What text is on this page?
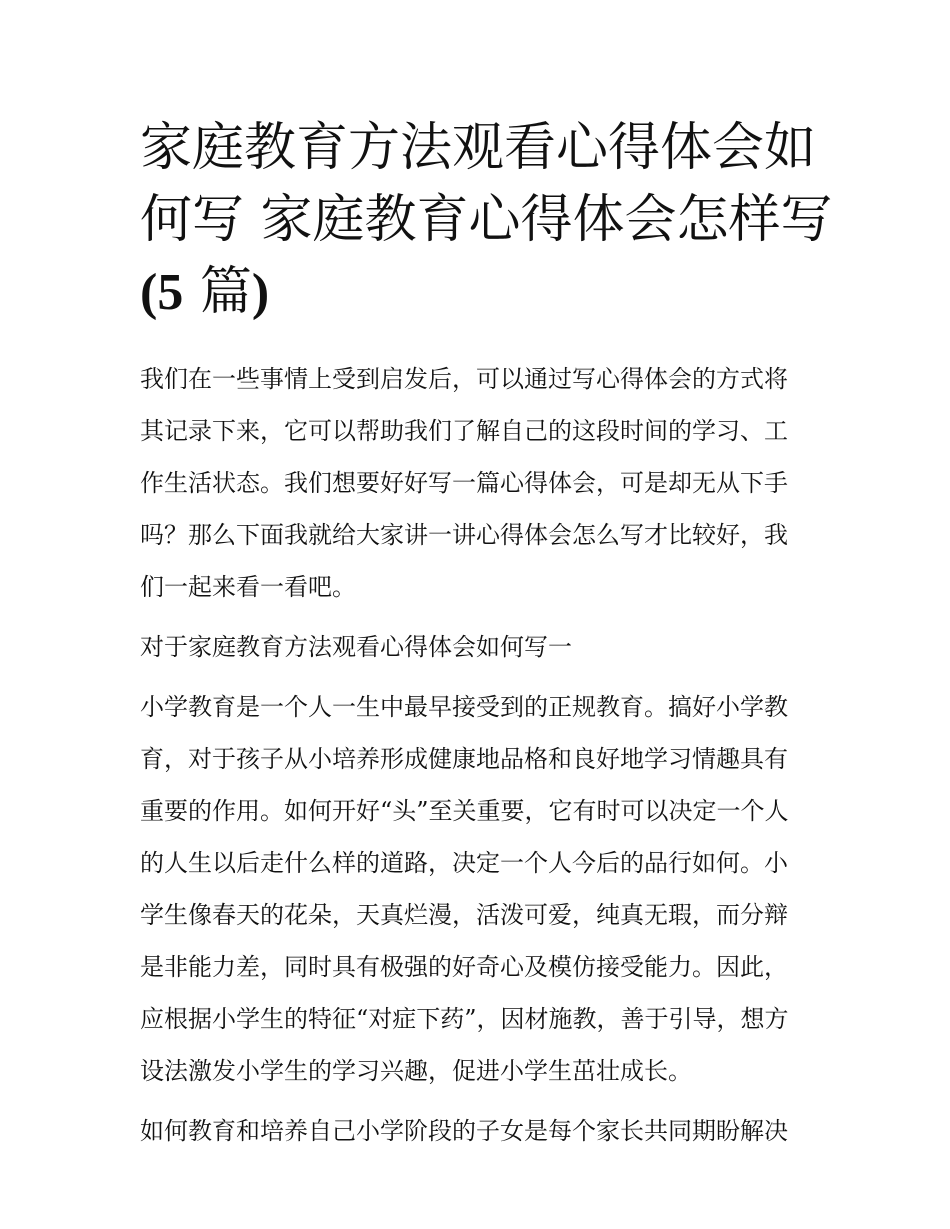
家庭教育方法观看心得体会如
何写 家庭教育心得体会怎样写
(5 篇)

我们在一些事情上受到启发后，可以通过写心得体会的方式将
其记录下来，它可以帮助我们了解自己的这段时间的学习、工
作生活状态。我们想要好好写一篇心得体会，可是却无从下手
吗？那么下面我就给大家讲一讲心得体会怎么写才比较好，我
们一起来看一看吧。

对于家庭教育方法观看心得体会如何写一

小学教育是一个人一生中最早接受到的正规教育。搞好小学教
育，对于孩子从小培养形成健康地品格和良好地学习情趣具有
重要的作用。如何开好“头”至关重要，它有时可以决定一个人
的人生以后走什么样的道路，决定一个人今后的品行如何。小
学生像春天的花朵，天真烂漫，活泼可爱，纯真无瑕，而分辩
是非能力差，同时具有极强的好奇心及模仿接受能力。因此，
应根据小学生的特征“对症下药”，因材施教，善于引导，想方
设法激发小学生的学习兴趣，促进小学生茁壮成长。

如何教育和培养自己小学阶段的子女是每个家长共同期盼解决
